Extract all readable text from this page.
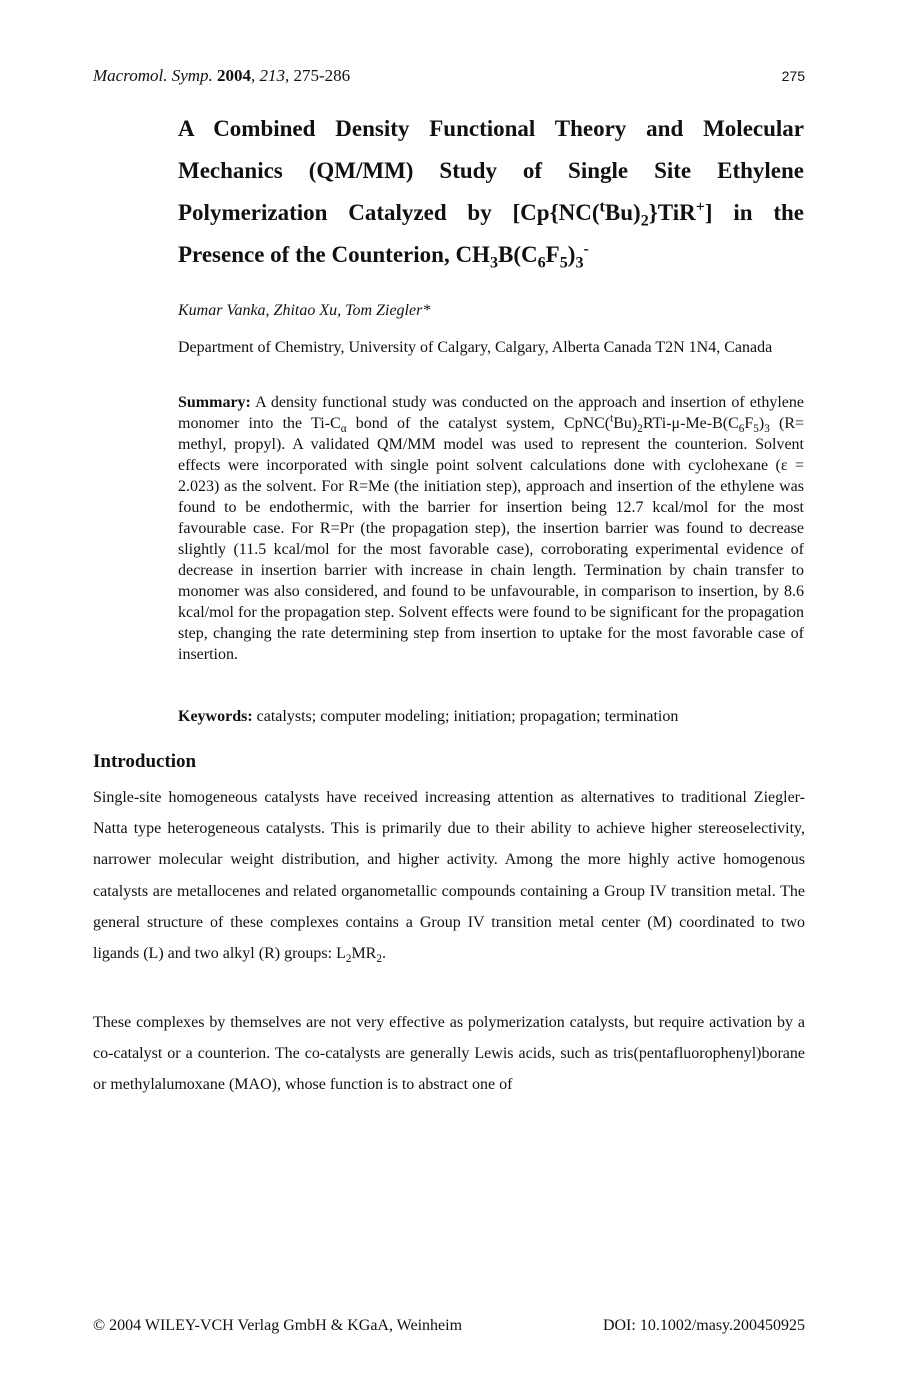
Macromol. Symp. 2004, 213, 275-286	275
A Combined Density Functional Theory and Molecular
Mechanics (QM/MM) Study of Single Site Ethylene
Polymerization Catalyzed by $[Cp\{NC(^tBu)_2\}TiR^+]$ in the
Presence of the Counterion, $CH_3B(C_6F_5)_3^-$
Kumar Vanka, Zhitao Xu, Tom Ziegler*
Department of Chemistry, University of Calgary, Calgary, Alberta Canada T2N 1N4, Canada
Summary: A density functional study was conducted on the approach and insertion of ethylene monomer into the $Ti-C_\alpha$ bond of the catalyst system, $CpNC(^tBu)_2RTi-\mu-Me-B(C_6F_5)_3$ (R= methyl, propyl). A validated QM/MM model was used to represent the counterion. Solvent effects were incorporated with single point solvent calculations done with cyclohexane (ε = 2.023) as the solvent. For R=Me (the initiation step), approach and insertion of the ethylene was found to be endothermic, with the barrier for insertion being 12.7 kcal/mol for the most favourable case. For R=Pr (the propagation step), the insertion barrier was found to decrease slightly (11.5 kcal/mol for the most favorable case), corroborating experimental evidence of decrease in insertion barrier with increase in chain length. Termination by chain transfer to monomer was also considered, and found to be unfavourable, in comparison to insertion, by 8.6 kcal/mol for the propagation step. Solvent effects were found to be significant for the propagation step, changing the rate determining step from insertion to uptake for the most favorable case of insertion.
Keywords: catalysts; computer modeling; initiation; propagation; termination
Introduction
Single-site homogeneous catalysts have received increasing attention as alternatives to traditional Ziegler-Natta type heterogeneous catalysts. This is primarily due to their ability to achieve higher stereoselectivity, narrower molecular weight distribution, and higher activity. Among the more highly active homogenous catalysts are metallocenes and related organometallic compounds containing a Group IV transition metal. The general structure of these complexes contains a Group IV transition metal center (M) coordinated to two ligands (L) and two alkyl (R) groups: $L_2MR_2$.
These complexes by themselves are not very effective as polymerization catalysts, but require activation by a co-catalyst or a counterion. The co-catalysts are generally Lewis acids, such as tris(pentafluorophenyl)borane or methylalumoxane (MAO), whose function is to abstract one of
© 2004 WILEY-VCH Verlag GmbH & KGaA, Weinheim	DOI: 10.1002/masy.200450925
